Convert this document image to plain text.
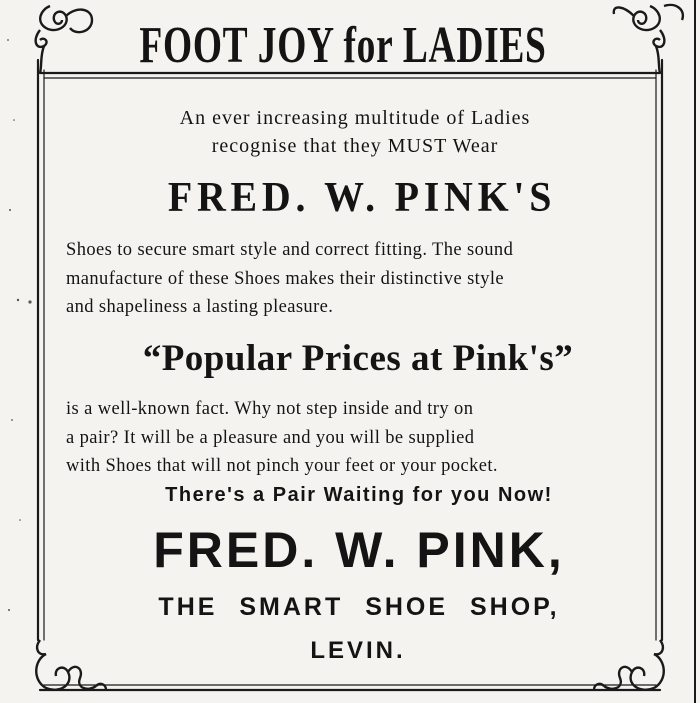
FOOT JOY for LADIES
An ever increasing multitude of Ladies
recognise that they MUST Wear
FRED. W. PINK'S

Shoes to secure smart style and correct fitting. The sound
manufacture of these Shoes makes their distinctive style
and shapeliness a lasting pleasure.

“Popular Prices at Pink's”

is a well-known fact. Why not step inside and try on
a pair? It will be a pleasure and you will be supplied
with Shoes that will not pinch your feet or your pocket.

There's a Pair Waiting for you Now!
FRED. W. PINK,
THE SMART SHOE SHOP,
LEVIN.
